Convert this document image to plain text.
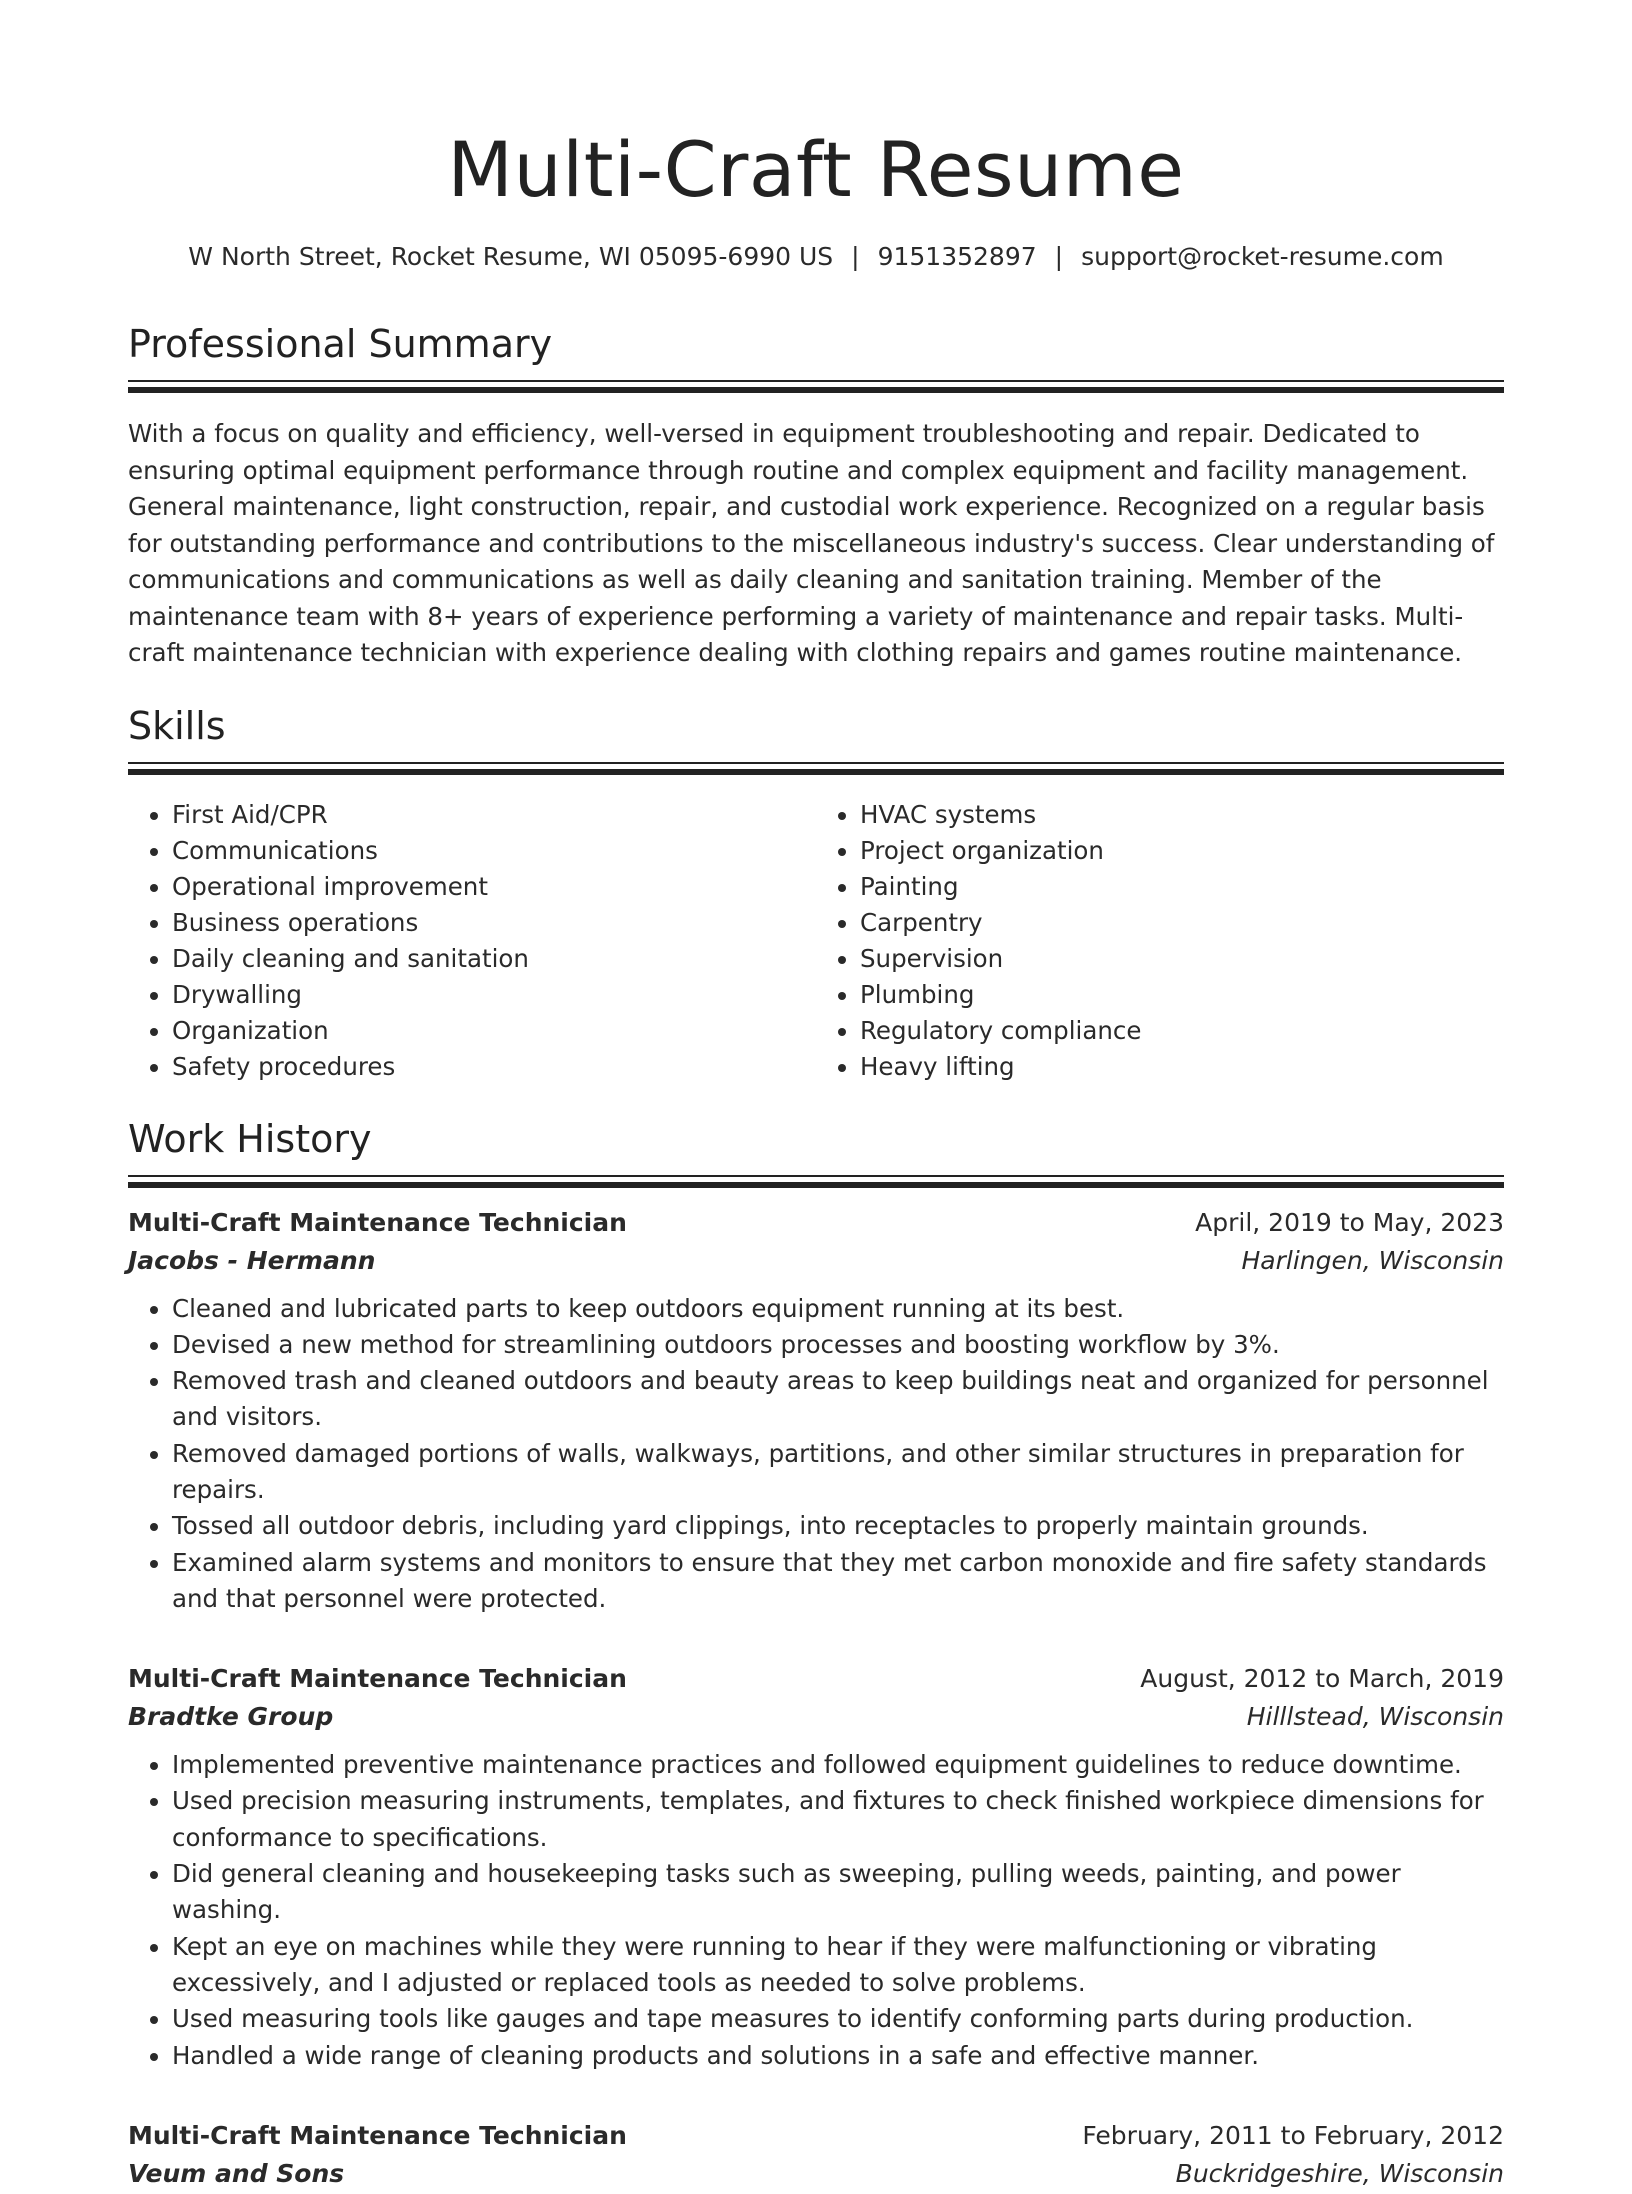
Multi-Craft Resume
W North Street, Rocket Resume, WI 05095-6990 US | 9151352897 | support@rocket-resume.com
Professional Summary
With a focus on quality and efficiency, well-versed in equipment troubleshooting and repair. Dedicated to ensuring optimal equipment performance through routine and complex equipment and facility management. General maintenance, light construction, repair, and custodial work experience. Recognized on a regular basis for outstanding performance and contributions to the miscellaneous industry's success. Clear understanding of communications and communications as well as daily cleaning and sanitation training. Member of the maintenance team with 8+ years of experience performing a variety of maintenance and repair tasks. Multi-craft maintenance technician with experience dealing with clothing repairs and games routine maintenance.
Skills
• First Aid/CPR
• Communications
• Operational improvement
• Business operations
• Daily cleaning and sanitation
• Drywalling
• Organization
• Safety procedures
• HVAC systems
• Project organization
• Painting
• Carpentry
• Supervision
• Plumbing
• Regulatory compliance
• Heavy lifting
Work History
Multi-Craft Maintenance Technician	April, 2019 to May, 2023
Jacobs - Hermann	Harlingen, Wisconsin
• Cleaned and lubricated parts to keep outdoors equipment running at its best.
• Devised a new method for streamlining outdoors processes and boosting workflow by 3%.
• Removed trash and cleaned outdoors and beauty areas to keep buildings neat and organized for personnel and visitors.
• Removed damaged portions of walls, walkways, partitions, and other similar structures in preparation for repairs.
• Tossed all outdoor debris, including yard clippings, into receptacles to properly maintain grounds.
• Examined alarm systems and monitors to ensure that they met carbon monoxide and fire safety standards and that personnel were protected.
Multi-Craft Maintenance Technician	August, 2012 to March, 2019
Bradtke Group	Hilllstead, Wisconsin
• Implemented preventive maintenance practices and followed equipment guidelines to reduce downtime.
• Used precision measuring instruments, templates, and fixtures to check finished workpiece dimensions for conformance to specifications.
• Did general cleaning and housekeeping tasks such as sweeping, pulling weeds, painting, and power washing.
• Kept an eye on machines while they were running to hear if they were malfunctioning or vibrating excessively, and I adjusted or replaced tools as needed to solve problems.
• Used measuring tools like gauges and tape measures to identify conforming parts during production.
• Handled a wide range of cleaning products and solutions in a safe and effective manner.
Multi-Craft Maintenance Technician	February, 2011 to February, 2012
Veum and Sons	Buckridgeshire, Wisconsin
